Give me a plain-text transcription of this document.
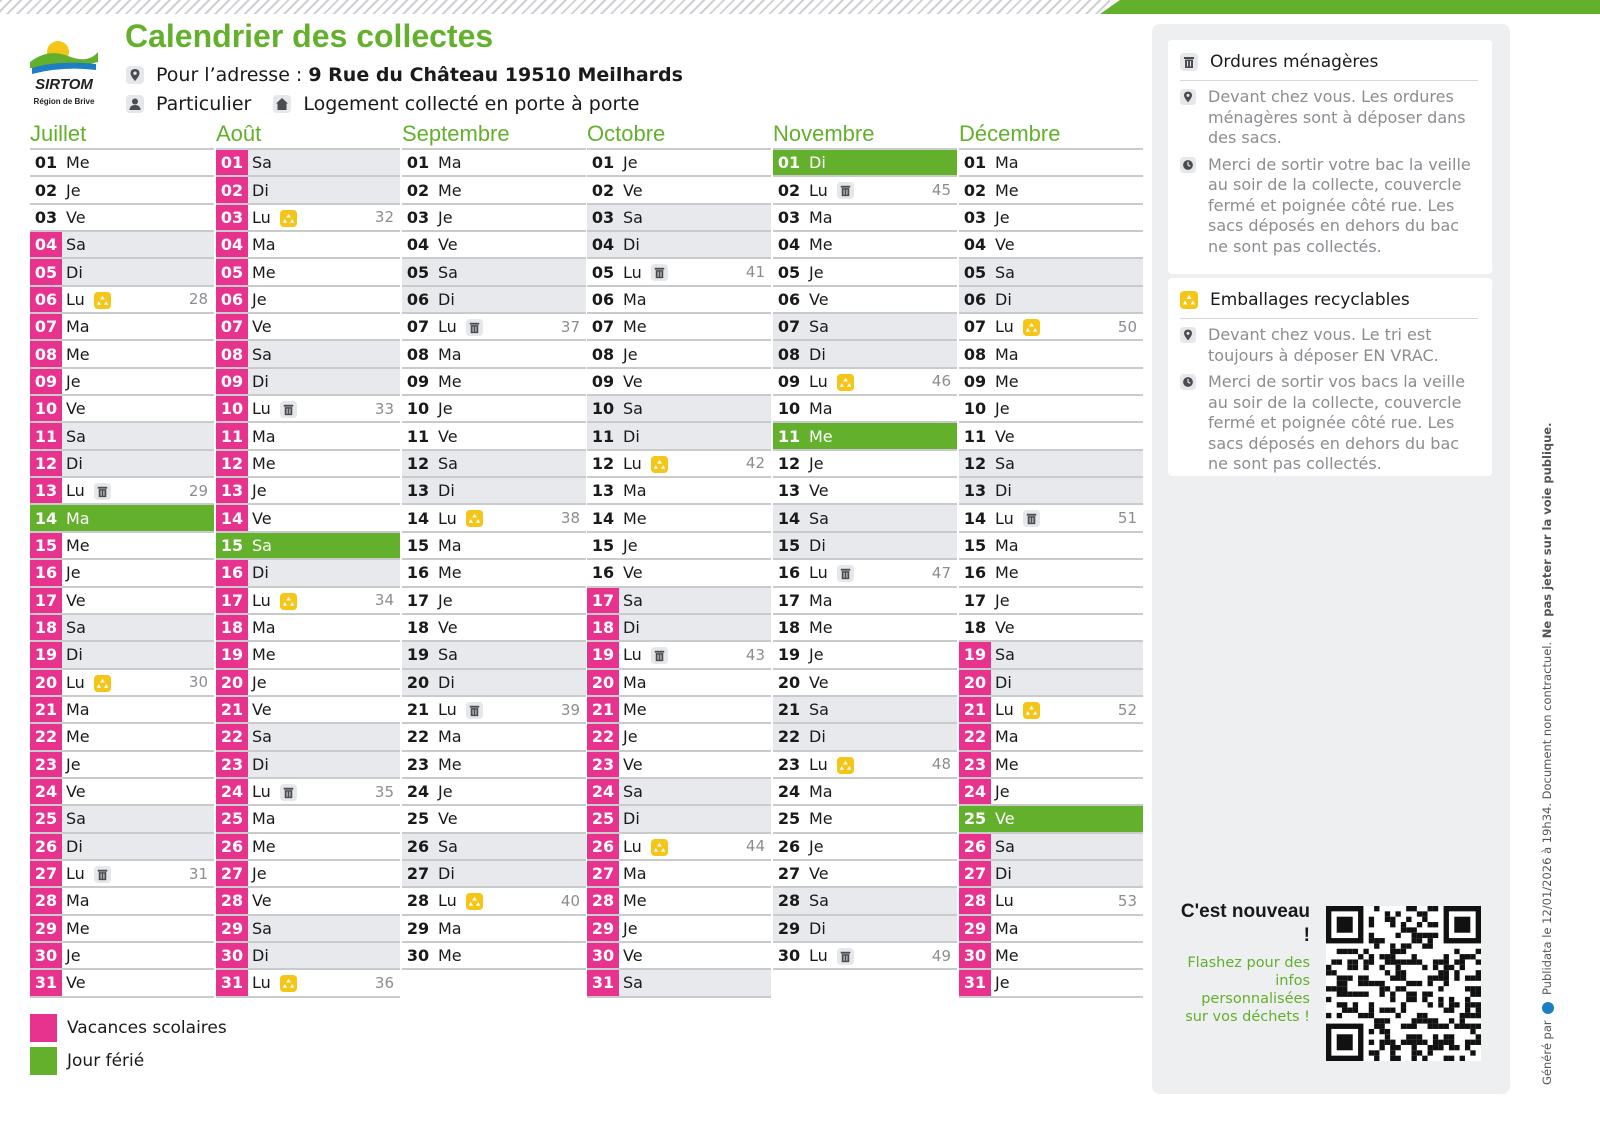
SIRTOM
Région de Brive
Calendrier des collectes
Pour l’adresse : 9 Rue du Château 19510 Meilhards
Particulier	Logement collecté en porte à porte
Juillet
01 Me
02 Je
03 Ve
04 Sa
05 Di
06 Lu	28
07 Ma
08 Me
09 Je
10 Ve
11 Sa
12 Di
13 Lu	29
14 Ma
15 Me
16 Je
17 Ve
18 Sa
19 Di
20 Lu	30
21 Ma
22 Me
23 Je
24 Ve
25 Sa
26 Di
27 Lu	31
28 Ma
29 Me
30 Je
31 Ve
Août
01 Sa
02 Di
03 Lu	32
04 Ma
05 Me
06 Je
07 Ve
08 Sa
09 Di
10 Lu	33
11 Ma
12 Me
13 Je
14 Ve
15 Sa
16 Di
17 Lu	34
18 Ma
19 Me
20 Je
21 Ve
22 Sa
23 Di
24 Lu	35
25 Ma
26 Me
27 Je
28 Ve
29 Sa
30 Di
31 Lu	36
Septembre
01 Ma
02 Me
03 Je
04 Ve
05 Sa
06 Di
07 Lu	37
08 Ma
09 Me
10 Je
11 Ve
12 Sa
13 Di
14 Lu	38
15 Ma
16 Me
17 Je
18 Ve
19 Sa
20 Di
21 Lu	39
22 Ma
23 Me
24 Je
25 Ve
26 Sa
27 Di
28 Lu	40
29 Ma
30 Me
Octobre
01 Je
02 Ve
03 Sa
04 Di
05 Lu	41
06 Ma
07 Me
08 Je
09 Ve
10 Sa
11 Di
12 Lu	42
13 Ma
14 Me
15 Je
16 Ve
17 Sa
18 Di
19 Lu	43
20 Ma
21 Me
22 Je
23 Ve
24 Sa
25 Di
26 Lu	44
27 Ma
28 Me
29 Je
30 Ve
31 Sa
Novembre
01 Di
02 Lu	45
03 Ma
04 Me
05 Je
06 Ve
07 Sa
08 Di
09 Lu	46
10 Ma
11 Me
12 Je
13 Ve
14 Sa
15 Di
16 Lu	47
17 Ma
18 Me
19 Je
20 Ve
21 Sa
22 Di
23 Lu	48
24 Ma
25 Me
26 Je
27 Ve
28 Sa
29 Di
30 Lu	49
Décembre
01 Ma
02 Me
03 Je
04 Ve
05 Sa
06 Di
07 Lu	50
08 Ma
09 Me
10 Je
11 Ve
12 Sa
13 Di
14 Lu	51
15 Ma
16 Me
17 Je
18 Ve
19 Sa
20 Di
21 Lu	52
22 Ma
23 Me
24 Je
25 Ve
26 Sa
27 Di
28 Lu	53
29 Ma
30 Me
31 Je
Ordures ménagères
Devant chez vous. Les ordures ménagères sont à déposer dans des sacs.
Merci de sortir votre bac la veille au soir de la collecte, couvercle fermé et poignée côté rue. Les sacs déposés en dehors du bac ne sont pas collectés.
Emballages recyclables
Devant chez vous. Le tri est toujours à déposer EN VRAC.
Merci de sortir vos bacs la veille au soir de la collecte, couvercle fermé et poignée côté rue. Les sacs déposés en dehors du bac ne sont pas collectés.
C'est nouveau !
Flashez pour des infos personnalisées sur vos déchets !
Généré par  Publidata le 12/01/2026 à 19h34. Document non contractuel. Ne pas jeter sur la voie publique.
Vacances scolaires
Jour férié
